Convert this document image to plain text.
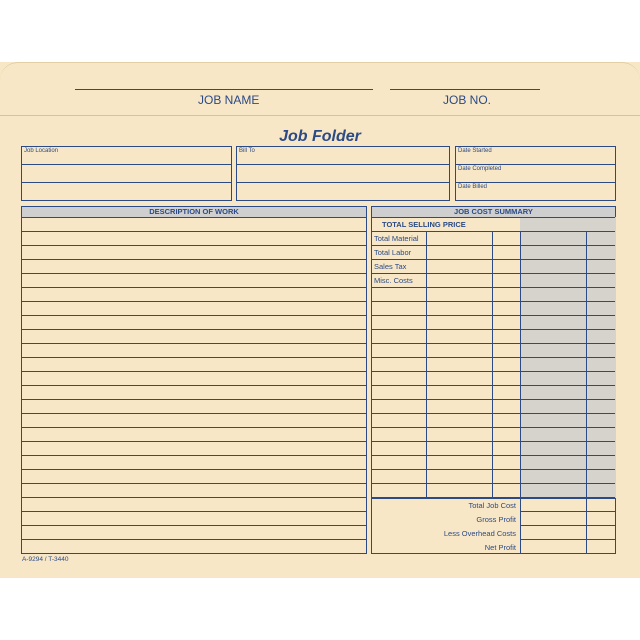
JOB NAME	JOB NO.
Job Folder
Job Location	Bill To	Date Started
Date Completed
Date Billed
DESCRIPTION OF WORK	JOB COST SUMMARY
TOTAL SELLING PRICE
Total Material
Total Labor
Sales Tax
Misc. Costs
Total Job Cost
Gross Profit
Less Overhead Costs
Net Profit
A-9294 / T-3440
